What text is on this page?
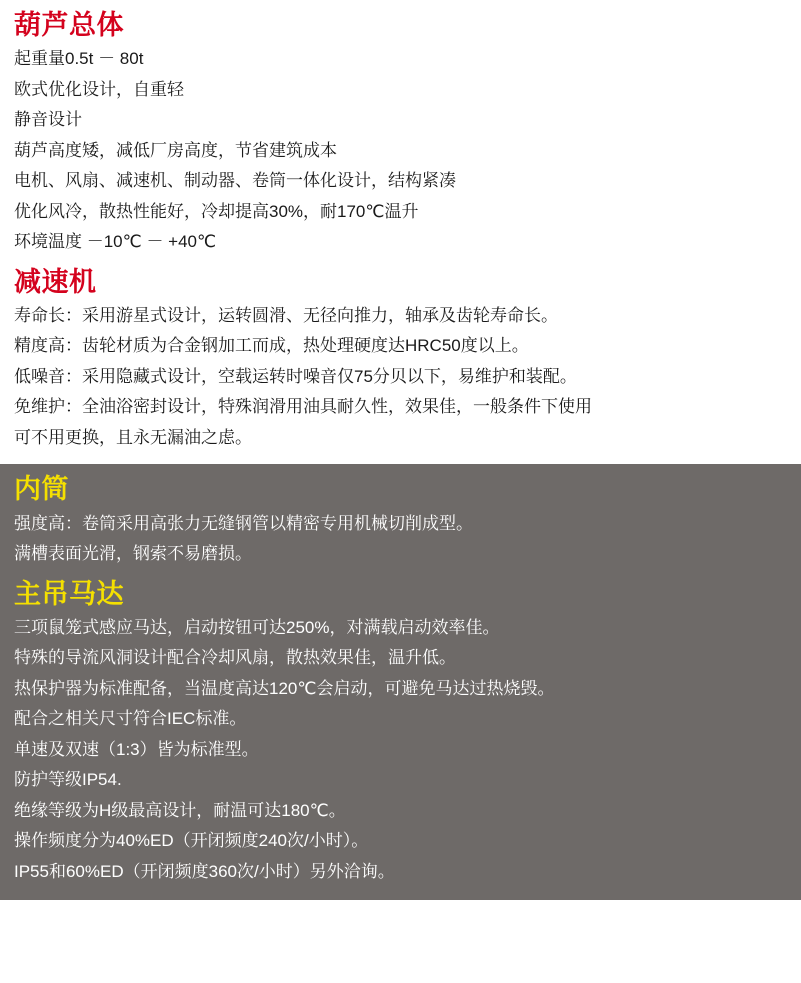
葫芦总体

起重量0.5t － 80t

欧式优化设计，自重轻

静音设计

葫芦高度矮，减低厂房高度，节省建筑成本

电机、风扇、减速机、制动器、卷筒一体化设计，结构紧凑

优化风冷，散热性能好，冷却提高30%，耐170℃温升

环境温度 －10℃ － +40℃

减速机

寿命长：采用游星式设计，运转圆滑、无径向推力，轴承及齿轮寿命长。

精度高：齿轮材质为合金钢加工而成，热处理硬度达HRC50度以上。

低噪音：采用隐藏式设计，空载运转时噪音仅75分贝以下，易维护和装配。

免维护：全油浴密封设计，特殊润滑用油具耐久性，效果佳，一般条件下使用

可不用更换，且永无漏油之虑。

内筒

强度高：卷筒采用高张力无缝钢管以精密专用机械切削成型。

满槽表面光滑，钢索不易磨损。

主吊马达

三项鼠笼式感应马达，启动按钮可达250%，对满载启动效率佳。

特殊的导流风洞设计配合冷却风扇，散热效果佳，温升低。

热保护器为标准配备，当温度高达120℃会启动，可避免马达过热烧毁。

配合之相关尺寸符合IEC标准。

单速及双速（1:3）皆为标准型。

防护等级IP54.

绝缘等级为H级最高设计，耐温可达180℃。

操作频度分为40%ED（开闭频度240次/小时）。

IP55和60%ED（开闭频度360次/小时）另外洽询。
